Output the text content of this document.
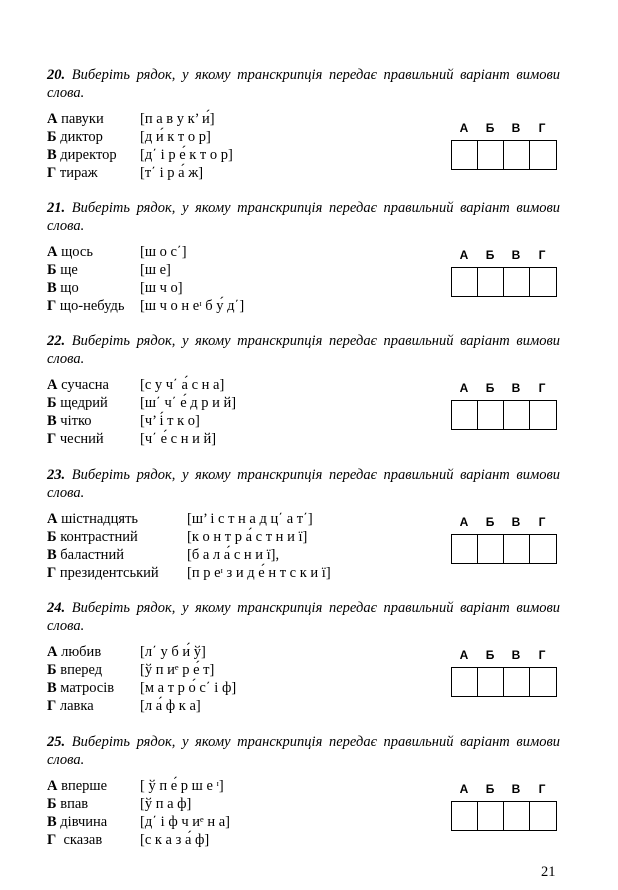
20. Виберіть рядок, у якому транскрипція передає правильний варіант вимови слова.
А павуки	[п а в у к’ и́]
Б диктор	[д и́ к т о р]
В директор [д΄ і р е́ к т о р]
Г тираж	[т΄ і р а́ ж]
А	Б	В	Г
21. Виберіть рядок, у якому транскрипція передає правильний варіант вимови слова.
А щось	[ш о с΄]
Б ще	[ш е]
В що	[ш ч о]
Г що-небудь [ш ч о н еᶦ б у́ д΄]
А	Б	В	Г
22. Виберіть рядок, у якому транскрипція передає правильний варіант вимови слова.
А сучасна [с у ч΄ а́ с н а]
Б щедрий [ш΄ ч΄ е́ д р и й]
В чітко	[ч’ і́ т к о]
Г чесний	[ч΄ е́ с н и й]
А	Б	В	Г
23. Виберіть рядок, у якому транскрипція передає правильний варіант вимови слова.
А шістнадцять	[ш’ і с т н а д ц΄ а т΄]
Б контрастний	[к о н т р а́ с т н и ї]
В баластний	[б а л а́ с н и ї],
Г президентський [п р еᶦ з и д е́ н т с к и ї]
А	Б	В	Г
24. Виберіть рядок, у якому транскрипція передає правильний варіант вимови слова.
А любив	[л΄ у б и́ ў]
Б вперед	[ў п иᵉ р е́ т]
В матросів [м а т р о́ с΄ і ф]
Г лавка	[л а́ ф к а]
А	Б	В	Г
25. Виберіть рядок, у якому транскрипція передає правильний варіант вимови слова.
А вперше [ ў п е́ р ш е ᶦ]
Б впав	[ў п а ф]
В дівчина [д΄ і ф ч иᵉ н а]
Г сказав	[с к а з а́ ф]
А	Б	В	Г
21
